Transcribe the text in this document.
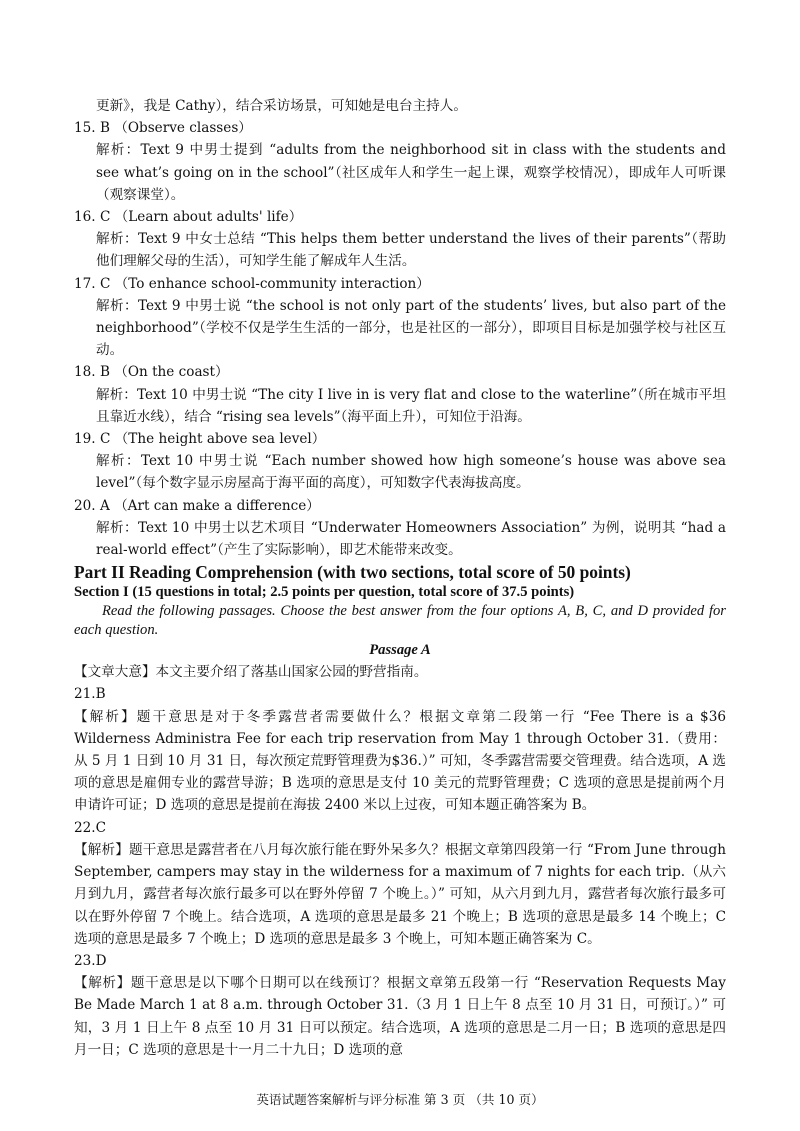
更新》，我是 Cathy），结合采访场景，可知她是电台主持人。
15. B （Observe classes）
解析：Text 9 中男士提到 “adults from the neighborhood sit in class with the students and see what’s going on in the school”（社区成年人和学生一起上课，观察学校情况），即成年人可听课（观察课堂）。
16. C （Learn about adults' life）
解析：Text 9 中女士总结 “This helps them better understand the lives of their parents”（帮助他们理解父母的生活），可知学生能了解成年人生活。
17. C （To enhance school-community interaction）
解析：Text 9 中男士说 “the school is not only part of the students’ lives, but also part of the neighborhood”（学校不仅是学生生活的一部分，也是社区的一部分），即项目目标是加强学校与社区互动。
18. B （On the coast）
解析：Text 10 中男士说 “The city I live in is very flat and close to the waterline”（所在城市平坦且靠近水线），结合 “rising sea levels”（海平面上升），可知位于沿海。
19. C （The height above sea level）
解析：Text 10 中男士说 “Each number showed how high someone’s house was above sea level”（每个数字显示房屋高于海平面的高度），可知数字代表海拔高度。
20. A （Art can make a difference）
解析：Text 10 中男士以艺术项目 “Underwater Homeowners Association” 为例，说明其 “had a real-world effect”（产生了实际影响），即艺术能带来改变。
Part II Reading Comprehension (with two sections, total score of 50 points)
Section I (15 questions in total; 2.5 points per question, total score of 37.5 points)
Read the following passages. Choose the best answer from the four options A, B, C, and D provided for each question.
Passage A
【文章大意】本文主要介绍了落基山国家公园的野营指南。
21.B
【解析】题干意思是对于冬季露营者需要做什么？根据文章第二段第一行 “Fee There is a $36 Wilderness Administra Fee for each trip reservation from May 1 through October 31.（费用：从 5 月 1 日到 10 月 31 日，每次预定荒野管理费为$36.）” 可知，冬季露营需要交管理费。结合选项，A 选项的意思是雇佣专业的露营导游；B 选项的意思是支付 10 美元的荒野管理费；C 选项的意思是提前两个月申请许可证；D 选项的意思是提前在海拔 2400 米以上过夜，可知本题正确答案为 B。
22.C
【解析】题干意思是露营者在八月每次旅行能在野外呆多久？根据文章第四段第一行 “From June through September, campers may stay in the wilderness for a maximum of 7 nights for each trip.（从六月到九月，露营者每次旅行最多可以在野外停留 7 个晚上。）” 可知，从六月到九月，露营者每次旅行最多可以在野外停留 7 个晚上。结合选项，A 选项的意思是最多 21 个晚上；B 选项的意思是最多 14 个晚上；C 选项的意思是最多 7 个晚上；D 选项的意思是最多 3 个晚上，可知本题正确答案为 C。
23.D
【解析】题干意思是以下哪个日期可以在线预订？根据文章第五段第一行 “Reservation Requests May Be Made March 1 at 8 a.m. through October 31.（3 月 1 日上午 8 点至 10 月 31 日，可预订。）” 可知，3 月 1 日上午 8 点至 10 月 31 日可以预定。结合选项，A 选项的意思是二月一日；B 选项的意思是四月一日；C 选项的意思是十一月二十九日；D 选项的意
英语试题答案解析与评分标准 第 3 页 （共 10 页）
